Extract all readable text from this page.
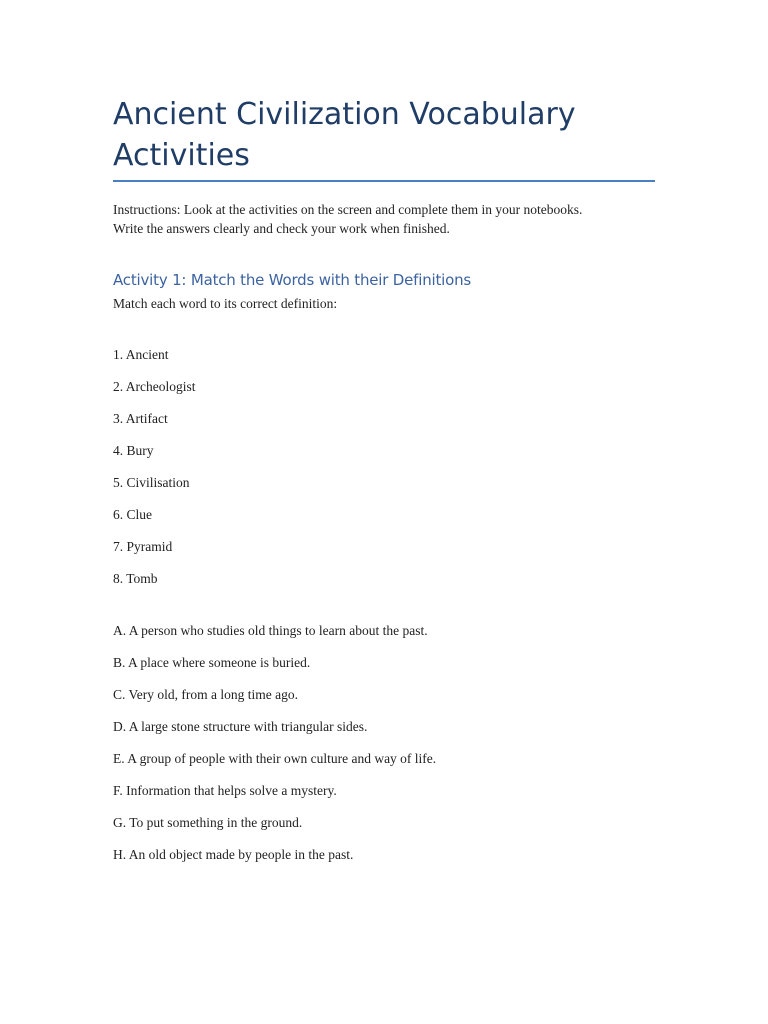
Ancient Civilization Vocabulary Activities

Instructions: Look at the activities on the screen and complete them in your notebooks.
Write the answers clearly and check your work when finished.

Activity 1: Match the Words with their Definitions

Match each word to its correct definition:

1. Ancient
2. Archeologist
3. Artifact
4. Bury
5. Civilisation
6. Clue
7. Pyramid
8. Tomb
A. A person who studies old things to learn about the past.
B. A place where someone is buried.
C. Very old, from a long time ago.
D. A large stone structure with triangular sides.
E. A group of people with their own culture and way of life.
F. Information that helps solve a mystery.
G. To put something in the ground.
H. An old object made by people in the past.
